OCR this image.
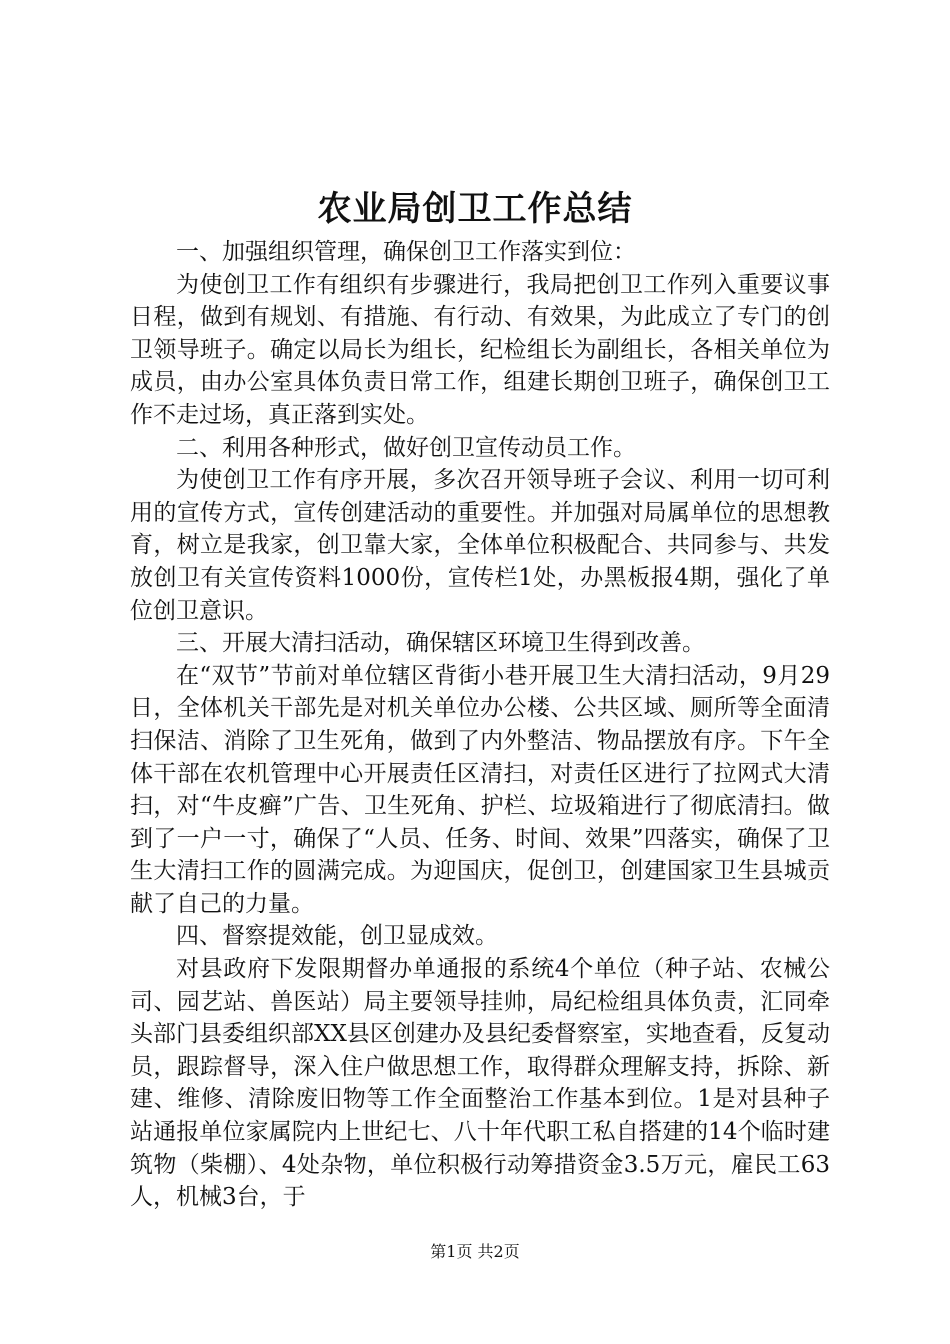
农业局创卫工作总结

一、加强组织管理，确保创卫工作落实到位：

为使创卫工作有组织有步骤进行，我局把创卫工作列入重要议事日程，做到有规划、有措施、有行动、有效果，为此成立了专门的创卫领导班子。确定以局长为组长，纪检组长为副组长，各相关单位为成员，由办公室具体负责日常工作，组建长期创卫班子，确保创卫工作不走过场，真正落到实处。

二、利用各种形式，做好创卫宣传动员工作。

为使创卫工作有序开展，多次召开领导班子会议、利用一切可利用的宣传方式，宣传创建活动的重要性。并加强对局属单位的思想教育，树立是我家，创卫靠大家，全体单位积极配合、共同参与、共发放创卫有关宣传资料1000份，宣传栏1处，办黑板报4期，强化了单位创卫意识。

三、开展大清扫活动，确保辖区环境卫生得到改善。

在“双节”节前对单位辖区背街小巷开展卫生大清扫活动，9月29日，全体机关干部先是对机关单位办公楼、公共区域、厕所等全面清扫保洁、消除了卫生死角，做到了内外整洁、物品摆放有序。下午全体干部在农机管理中心开展责任区清扫，对责任区进行了拉网式大清扫，对“牛皮癣”广告、卫生死角、护栏、垃圾箱进行了彻底清扫。做到了一户一寸，确保了“人员、任务、时间、效果”四落实，确保了卫生大清扫工作的圆满完成。为迎国庆，促创卫，创建国家卫生县城贡献了自己的力量。

四、督察提效能，创卫显成效。

对县政府下发限期督办单通报的系统4个单位（种子站、农械公司、园艺站、兽医站）局主要领导挂帅，局纪检组具体负责，汇同牵头部门县委组织部XX县区创建办及县纪委督察室，实地查看，反复动员，跟踪督导，深入住户做思想工作，取得群众理解支持，拆除、新建、维修、清除废旧物等工作全面整治工作基本到位。1是对县种子站通报单位家属院内上世纪七、八十年代职工私自搭建的14个临时建筑物（柴棚）、4处杂物，单位积极行动筹措资金3.5万元，雇民工63人，机械3台，于

第1页 共2页
